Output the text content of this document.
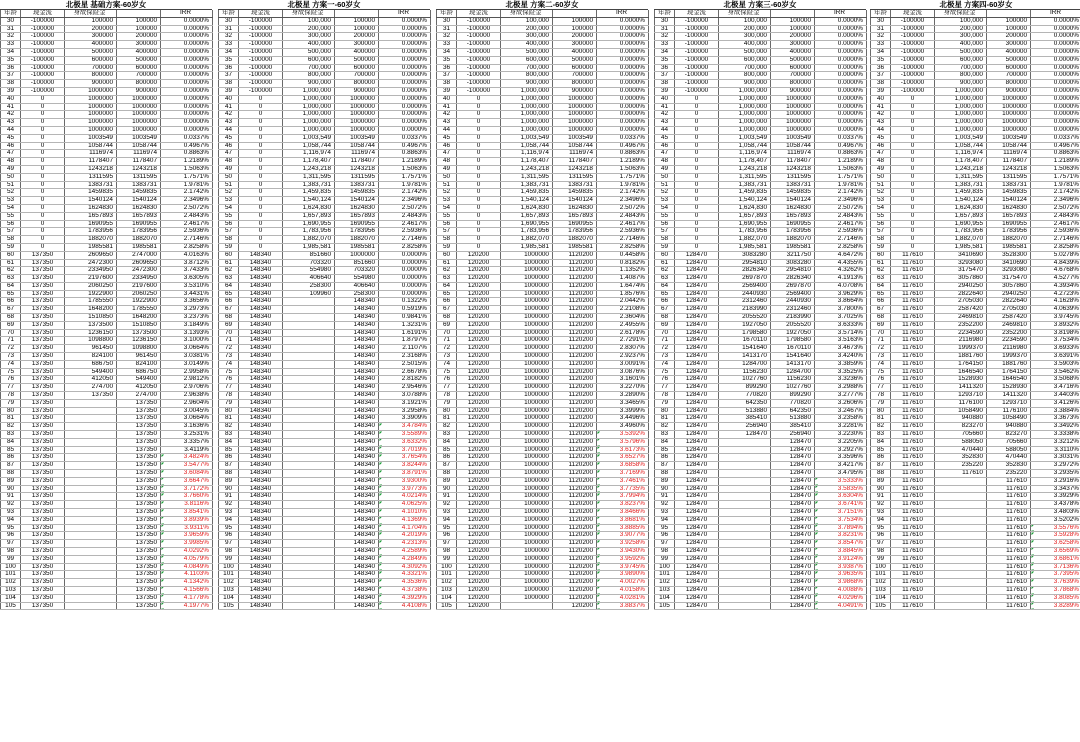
北极星 基础方案-60岁女
年龄	现金流	身故保险金		IRR
30	-100000	100000	100000	0.0000%
31	-100000	200000	100000	0.0000%
32	-100000	300000	200000	0.0000%
33	-100000	400000	300000	0.0000%
34	-100000	500000	400000	0.0000%
35	-100000	600000	500000	0.0000%
36	-100000	700000	600000	0.0000%
37	-100000	800000	700000	0.0000%
38	-100000	900000	800000	0.0000%
39	-100000	1000000	900000	0.0000%
40	0	1000000	1000000	0.0000%
41	0	1000000	1000000	0.0000%
42	0	1000000	1000000	0.0000%
43	0	1000000	1000000	0.0000%
44	0	1000000	1000000	0.0000%
45	0	1003549	1003549	0.0337%
46	0	1058744	1058744	0.4967%
47	0	1116974	1116974	0.8863%
48	0	1178407	1178407	1.2189%
49	0	1243218	1243218	1.5063%
50	0	1311595	1311595	1.7571%
51	0	1383731	1383731	1.9781%
52	0	1459835	1459835	2.1742%
53	0	1540124	1540124	2.3496%
54	0	1624830	1624830	2.5072%
55	0	1657893	1657893	2.4843%
56	0	1690955	1690955	2.4617%
57	0	1783956	1783956	2.5936%
58	0	1882070	1882070	2.7146%
59	0	1985581	1985581	2.8258%
60	137350	2609650	2747000	4.0163%
61	137350	2472300	2609650	3.8712%
62	137350	2334950	2472300	3.7433%
63	137350	2197600	2334950	3.6305%
64	137350	2060250	2197600	3.5310%
65	137350	1922900	2060250	3.4431%
66	137350	1785550	1922900	3.3656%
67	137350	1648200	1785550	3.2973%
68	137350	1510850	1648200	3.2373%
69	137350	1373500	1510850	3.1849%
70	137350	1236150	1373500	3.1393%
71	137350	1098800	1236150	3.1000%
72	137350	961450	1098800	3.0664%
73	137350	824100	961450	3.0381%
74	137350	686750	824100	3.0149%
75	137350	549400	686750	2.9958%
76	137350	412050	549400	2.9812%
77	137350	274700	412050	2.9706%
78	137350	137350	274700	2.9638%
79	137350		137350	2.9604%
80	137350		137350	3.0045%
81	137350		137350	3.0664%
82	137350		137350	3.1636%
83	137350		137350	3.2531%
84	137350		137350	3.3357%
85	137350		137350	3.4119%
86	137350		137350	3.4824%
87	137350		137350	3.5477%
88	137350		137350	3.6084%
89	137350		137350	3.6647%
90	137350		137350	3.7172%
91	137350		137350	3.7660%
92	137350		137350	3.8116%
93	137350		137350	3.8541%
94	137350		137350	3.8939%
95	137350		137350	3.9311%
96	137350		137350	3.9659%
97	137350		137350	3.9985%
98	137350		137350	4.0292%
99	137350		137350	4.0579%
100	137350		137350	4.0849%
101	137350		137350	4.1103%
102	137350		137350	4.1342%
103	137350		137350	4.1566%
104	137350		137350	4.1778%
105	137350		137350	4.1977%
北极星 方案一-60岁女
年龄	现金流	身故保险金		IRR
30	-100000	100,000	100000	0.0000%
31	-100000	200,000	100000	0.0000%
32	-100000	300,000	200000	0.0000%
33	-100000	400,000	300000	0.0000%
34	-100000	500,000	400000	0.0000%
35	-100000	600,000	500000	0.0000%
36	-100000	700,000	600000	0.0000%
37	-100000	800,000	700000	0.0000%
38	-100000	900,000	800000	0.0000%
39	-100000	1,000,000	900000	0.0000%
40	0	1,000,000	1000000	0.0000%
41	0	1,000,000	1000000	0.0000%
42	0	1,000,000	1000000	0.0000%
43	0	1,000,000	1000000	0.0000%
44	0	1,000,000	1000000	0.0000%
45	0	1,003,549	1003549	0.0337%
46	0	1,058,744	1058744	0.4967%
47	0	1,116,974	1116974	0.8863%
48	0	1,178,407	1178407	1.2189%
49	0	1,243,218	1243218	1.5063%
50	0	1,311,595	1311595	1.7571%
51	0	1,383,731	1383731	1.9781%
52	0	1,459,835	1459835	2.1742%
53	0	1,540,124	1540124	2.3496%
54	0	1,624,830	1624830	2.5072%
55	0	1,657,893	1657893	2.4843%
56	0	1,690,955	1690955	2.4617%
57	0	1,783,956	1783956	2.5936%
58	0	1,882,070	1882070	2.7146%
59	0	1,985,581	1985581	2.8258%
60	148340	851660	1000000	0.0000%
61	148340	703320	851660	0.0000%
62	148340	554980	703320	0.0000%
63	148340	406640	554980	0.0000%
64	148340	258300	406640	0.0000%
65	148340	109960	258300	0.0000%
66	148340		148340	0.1322%
67	148340		148340	0.5919%
68	148340		148340	0.9841%
69	148340		148340	1.3231%
70	148340		148340	1.6191%
71	148340		148340	1.8797%
72	148340		148340	2.1107%
73	148340		148340	2.3168%
74	148340		148340	2.5015%
75	148340		148340	2.6678%
76	148340		148340	2.8182%
77	148340		148340	2.9546%
78	148340		148340	3.0788%
79	148340		148340	3.1921%
80	148340		148340	3.2958%
81	148340		148340	3.3909%
82	148340		148340	3.4784%
83	148340		148340	3.5589%
84	148340		148340	3.6332%
85	148340		148340	3.7019%
86	148340		148340	3.7654%
87	148340		148340	3.8244%
88	148340		148340	3.8791%
89	148340		148340	3.9300%
90	148340		148340	3.9773%
91	148340		148340	4.0214%
92	148340		148340	4.0625%
93	148340		148340	4.1010%
94	148340		148340	4.1369%
95	148340		148340	4.1704%
96	148340		148340	4.2019%
97	148340		148340	4.2313%
98	148340		148340	4.2589%
99	148340		148340	4.2849%
100	148340		148340	4.3092%
101	148340		148340	4.3321%
102	148340		148340	4.3536%
103	148340		148340	4.3738%
104	148340		148340	4.3929%
105	148340		148340	4.4108%
北极星 方案二-60岁女
年龄	现金流	身故保险金		IRR
30	-100000	100,000	100000	0.0000%
31	-100000	200,000	100000	0.0000%
32	-100000	300,000	200000	0.0000%
33	-100000	400,000	300000	0.0000%
34	-100000	500,000	400000	0.0000%
35	-100000	600,000	500000	0.0000%
36	-100000	700,000	600000	0.0000%
37	-100000	800,000	700000	0.0000%
38	-100000	900,000	800000	0.0000%
39	-100000	1,000,000	900000	0.0000%
40	0	1,000,000	1000000	0.0000%
41	0	1,000,000	1000000	0.0000%
42	0	1,000,000	1000000	0.0000%
43	0	1,000,000	1000000	0.0000%
44	0	1,000,000	1000000	0.0000%
45	0	1,003,549	1003549	0.0337%
46	0	1,058,744	1058744	0.4967%
47	0	1,116,974	1116974	0.8863%
48	0	1,178,407	1178407	1.2189%
49	0	1,243,218	1243218	1.5063%
50	0	1,311,595	1311595	1.7571%
51	0	1,383,731	1383731	1.9781%
52	0	1,459,835	1459835	2.1742%
53	0	1,540,124	1540124	2.3496%
54	0	1,624,830	1624830	2.5072%
55	0	1,657,893	1657893	2.4843%
56	0	1,690,955	1690955	2.4617%
57	0	1,783,956	1783956	2.5936%
58	0	1,882,070	1882070	2.7146%
59	0	1,985,581	1985581	2.8258%
60	120200	1000000	1120200	0.4458%
61	120200	1000000	1120200	0.8182%
62	120200	1000000	1120200	1.1352%
63	120200	1000000	1120200	1.4087%
64	120200	1000000	1120200	1.6474%
65	120200	1000000	1120200	1.8576%
66	120200	1000000	1120200	2.0442%
67	120200	1000000	1120200	2.2108%
68	120200	1000000	1120200	2.3604%
69	120200	1000000	1120200	2.4955%
70	120200	1000000	1120200	2.6178%
71	120200	1000000	1120200	2.7291%
72	120200	1000000	1120200	2.8307%
73	120200	1000000	1120200	2.9237%
74	120200	1000000	1120200	3.0091%
75	120200	1000000	1120200	3.0876%
76	120200	1000000	1120200	3.1601%
77	120200	1000000	1120200	3.2270%
78	120200	1000000	1120200	3.2890%
79	120200	1000000	1120200	3.3465%
80	120200	1000000	1120200	3.3999%
81	120200	1000000	1120200	3.4496%
82	120200	1000000	1120200	3.4960%
83	120200	1000000	1120200	3.5392%
84	120200	1000000	1120200	3.5796%
85	120200	1000000	1120200	3.6173%
86	120200	1000000	1120200	3.6527%
87	120200	1000000	1120200	3.6858%
88	120200	1000000	1120200	3.7169%
89	120200	1000000	1120200	3.7461%
90	120200	1000000	1120200	3.7735%
91	120200	1000000	1120200	3.7994%
92	120200	1000000	1120200	3.8237%
93	120200	1000000	1120200	3.8466%
94	120200	1000000	1120200	3.8681%
95	120200	1000000	1120200	3.8885%
96	120200	1000000	1120200	3.9077%
97	120200	1000000	1120200	3.9258%
98	120200	1000000	1120200	3.9430%
99	120200	1000000	1120200	3.9592%
100	120200	1000000	1120200	3.9745%
101	120200	1000000	1120200	3.9890%
102	120200	1000000	1120200	4.0027%
103	120200	1000000	1120200	4.0158%
104	120200	1000000	1120200	4.0281%
105	120200		120200	3.8837%
北极星 方案三-60岁女
年龄	现金流	身故保险金		IRR
30	-100000	100,000	100000	0.0000%
31	-100000	200,000	100000	0.0000%
32	-100000	300,000	200000	0.0000%
33	-100000	400,000	300000	0.0000%
34	-100000	500,000	400000	0.0000%
35	-100000	600,000	500000	0.0000%
36	-100000	700,000	600000	0.0000%
37	-100000	800,000	700000	0.0000%
38	-100000	900,000	800000	0.0000%
39	-100000	1,000,000	900000	0.0000%
40	0	1,000,000	1000000	0.0000%
41	0	1,000,000	1000000	0.0000%
42	0	1,000,000	1000000	0.0000%
43	0	1,000,000	1000000	0.0000%
44	0	1,000,000	1000000	0.0000%
45	0	1,003,549	1003549	0.0337%
46	0	1,058,744	1058744	0.4967%
47	0	1,116,974	1116974	0.8863%
48	0	1,178,407	1178407	1.2189%
49	0	1,243,218	1243218	1.5063%
50	0	1,311,595	1311595	1.7571%
51	0	1,383,731	1383731	1.9781%
52	0	1,459,835	1459835	2.1742%
53	0	1,540,124	1540124	2.3496%
54	0	1,624,830	1624830	2.5072%
55	0	1,657,893	1657893	2.4843%
56	0	1,690,955	1690955	2.4617%
57	0	1,783,956	1783956	2.5936%
58	0	1,882,070	1882070	2.7146%
59	0	1,985,581	1985581	2.8258%
60	128470	3083280	3211750	4.6472%
61	128470	2954810	3083280	4.4355%
62	128470	2826340	2954810	4.3262%
63	128470	2697870	2826340	4.1913%
64	128470	2569400	2697870	4.0708%
65	128470	2440930	2569400	3.9629%
66	128470	2312460	2440930	3.8664%
67	128470	2183990	2312460	3.7800%
68	128470	2055520	2183990	3.7025%
69	128470	1927050	2055520	3.6333%
70	128470	1798580	1927050	3.5714%
71	128470	1670110	1798580	3.5163%
72	128470	1541640	1670110	3.4673%
73	128470	1413170	1541640	3.4240%
74	128470	1284700	1413170	3.3859%
75	128470	1156230	1284700	3.3525%
76	128470	1027760	1156230	3.3236%
77	128470	899290	1027760	3.2988%
78	128470	770820	899290	3.2777%
79	128470	642350	770820	3.2606%
80	128470	513880	642350	3.2467%
81	128470	385410	513880	3.2358%
82	128470	256940	385410	3.2281%
83	128470	128470	256940	3.2230%
84	128470		128470	3.2205%
85	128470		128470	3.2927%
86	128470		128470	3.3596%
87	128470		128470	3.4217%
88	128470		128470	3.4795%
89	128470		128470	3.5333%
90	128470		128470	3.5835%
91	128470		128470	3.6304%
92	128470		128470	3.6741%
93	128470		128470	3.7151%
94	128470		128470	3.7534%
95	128470		128470	3.7894%
96	128470		128470	3.8231%
97	128470		128470	3.8547%
98	128470		128470	3.8845%
99	128470		128470	3.9124%
100	128470		128470	3.9387%
101	128470		128470	3.9635%
102	128470		128470	3.9868%
103	128470		128470	4.0088%
104	128470		128470	4.0296%
105	128470		128470	4.0491%
北极星 方案四-60岁女
年龄	现金流	身故保险金		IRR
30	-100000	100,000	100000	0.0000%
31	-100000	200,000	100000	0.0000%
32	-100000	300,000	200000	0.0000%
33	-100000	400,000	300000	0.0000%
34	-100000	500,000	400000	0.0000%
35	-100000	600,000	500000	0.0000%
36	-100000	700,000	600000	0.0000%
37	-100000	800,000	700000	0.0000%
38	-100000	900,000	800000	0.0000%
39	-100000	1,000,000	900000	0.0000%
40	0	1,000,000	1000000	0.0000%
41	0	1,000,000	1000000	0.0000%
42	0	1,000,000	1000000	0.0000%
43	0	1,000,000	1000000	0.0000%
44	0	1,000,000	1000000	0.0000%
45	0	1,003,549	1003549	0.0337%
46	0	1,058,744	1058744	0.4967%
47	0	1,116,974	1116974	0.8863%
48	0	1,178,407	1178407	1.2189%
49	0	1,243,218	1243218	1.5063%
50	0	1,311,595	1311595	1.7571%
51	0	1,383,731	1383731	1.9781%
52	0	1,459,835	1459835	2.1742%
53	0	1,540,124	1540124	2.3496%
54	0	1,624,830	1624830	2.5072%
55	0	1,657,893	1657893	2.4843%
56	0	1,690,955	1690955	2.4617%
57	0	1,783,956	1783956	2.5936%
58	0	1,882,070	1882070	2.7146%
59	0	1,985,581	1985581	2.8258%
60	117610	3410690	3528300	5.0278%
61	117610	3293080	3410690	4.8439%
62	117610	3175470	3293080	4.6768%
63	117610	3057860	3175470	4.5277%
64	117610	2940250	3057860	4.3934%
65	117610	2822640	2940250	4.2723%
66	117610	2705030	2822640	4.1628%
67	117610	2587420	2705030	4.0639%
68	117610	2469810	2587420	3.9745%
69	117610	2352200	2469810	3.8932%
70	117610	2234590	2352200	3.8198%
71	117610	2116980	2234590	3.7534%
72	117610	1999370	2116980	3.6933%
73	117610	1881760	1999370	3.6391%
74	117610	1764150	1881760	3.5903%
75	117610	1646540	1764150	3.5462%
76	117610	1528930	1646540	3.5068%
77	117610	1411320	1528930	3.4716%
78	117610	1293710	1411320	3.4403%
79	117610	1176100	1293710	3.4126%
80	117610	1058490	1176100	3.3884%
81	117610	940880	1058490	3.3673%
82	117610	823270	940880	3.3492%
83	117610	705660	823270	3.3338%
84	117610	588050	705660	3.3212%
85	117610	470440	588050	3.3110%
86	117610	352830	470440	3.3031%
87	117610	235220	352830	3.2972%
88	117610	117610	235220	3.2935%
89	117610		117610	3.2916%
90	117610		117610	3.3437%
91	117610		117610	3.3929%
92	117610		117610	3.4378%
93	117610		117610	3.4803%
94	117610		117610	3.5202%
95	117610		117610	3.5576%
96	117610		117610	3.5928%
97	117610		117610	3.6258%
98	117610		117610	3.6569%
99	117610		117610	3.6861%
100	117610		117610	3.7136%
101	117610		117610	3.7395%
102	117610		117610	3.7639%
103	117610		117610	3.7868%
104	117610		117610	3.8085%
105	117610		117610	3.8289%
